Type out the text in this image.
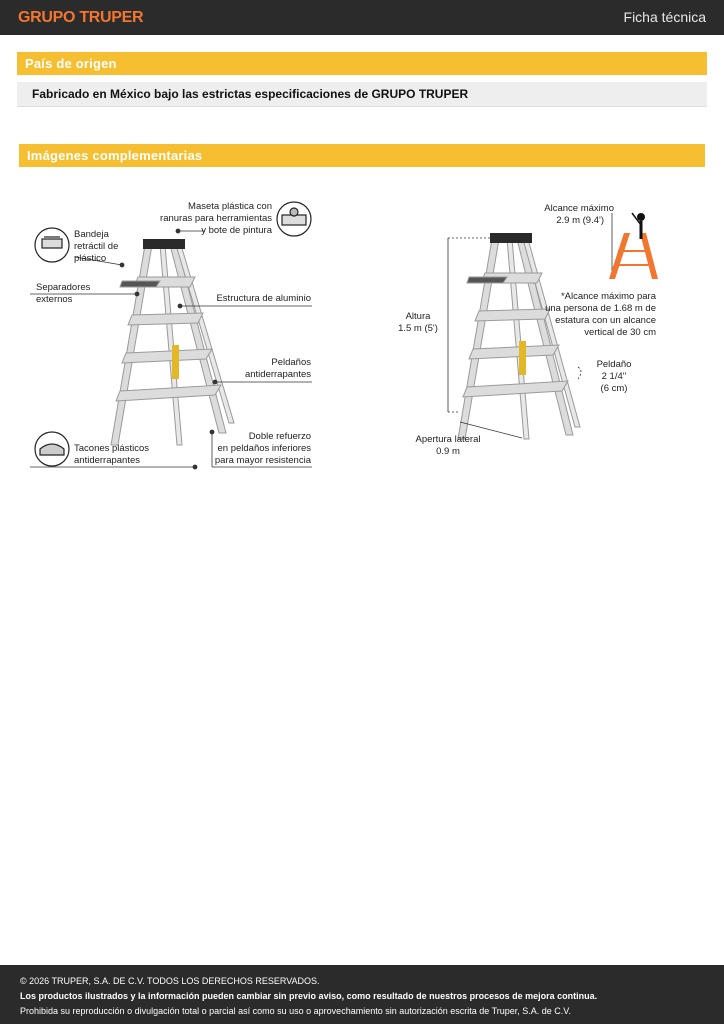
GRUPO TRUPER	Ficha técnica
País de origen
Fabricado en México bajo las estrictas especificaciones de GRUPO TRUPER
Imágenes complementarias
Bandeja
retráctil de
plástico
Maseta plástica con
ranuras para herramientas
y bote de pintura
Separadores
externos	Estructura de aluminio
Peldaños
antiderrapantes
Tacones plásticos
antiderrapantes
Doble refuerzo
en peldaños inferiores
para mayor resistencia
Alcance máximo
2.9 m (9.4')
Altura
1.5 m (5')
*Alcance máximo para
una persona de 1.68 m de
estatura con un alcance
vertical de 30 cm
Peldaño
2 1/4''
(6 cm)
Apertura lateral
0.9 m

© 2026 TRUPER, S.A. DE C.V. TODOS LOS DERECHOS RESERVADOS.

Los productos ilustrados y la información pueden cambiar sin previo aviso, como resultado de nuestros procesos de mejora continua.

Prohibida su reproducción o divulgación total o parcial así como su uso o aprovechamiento sin autorización escrita de Truper, S.A. de C.V.
